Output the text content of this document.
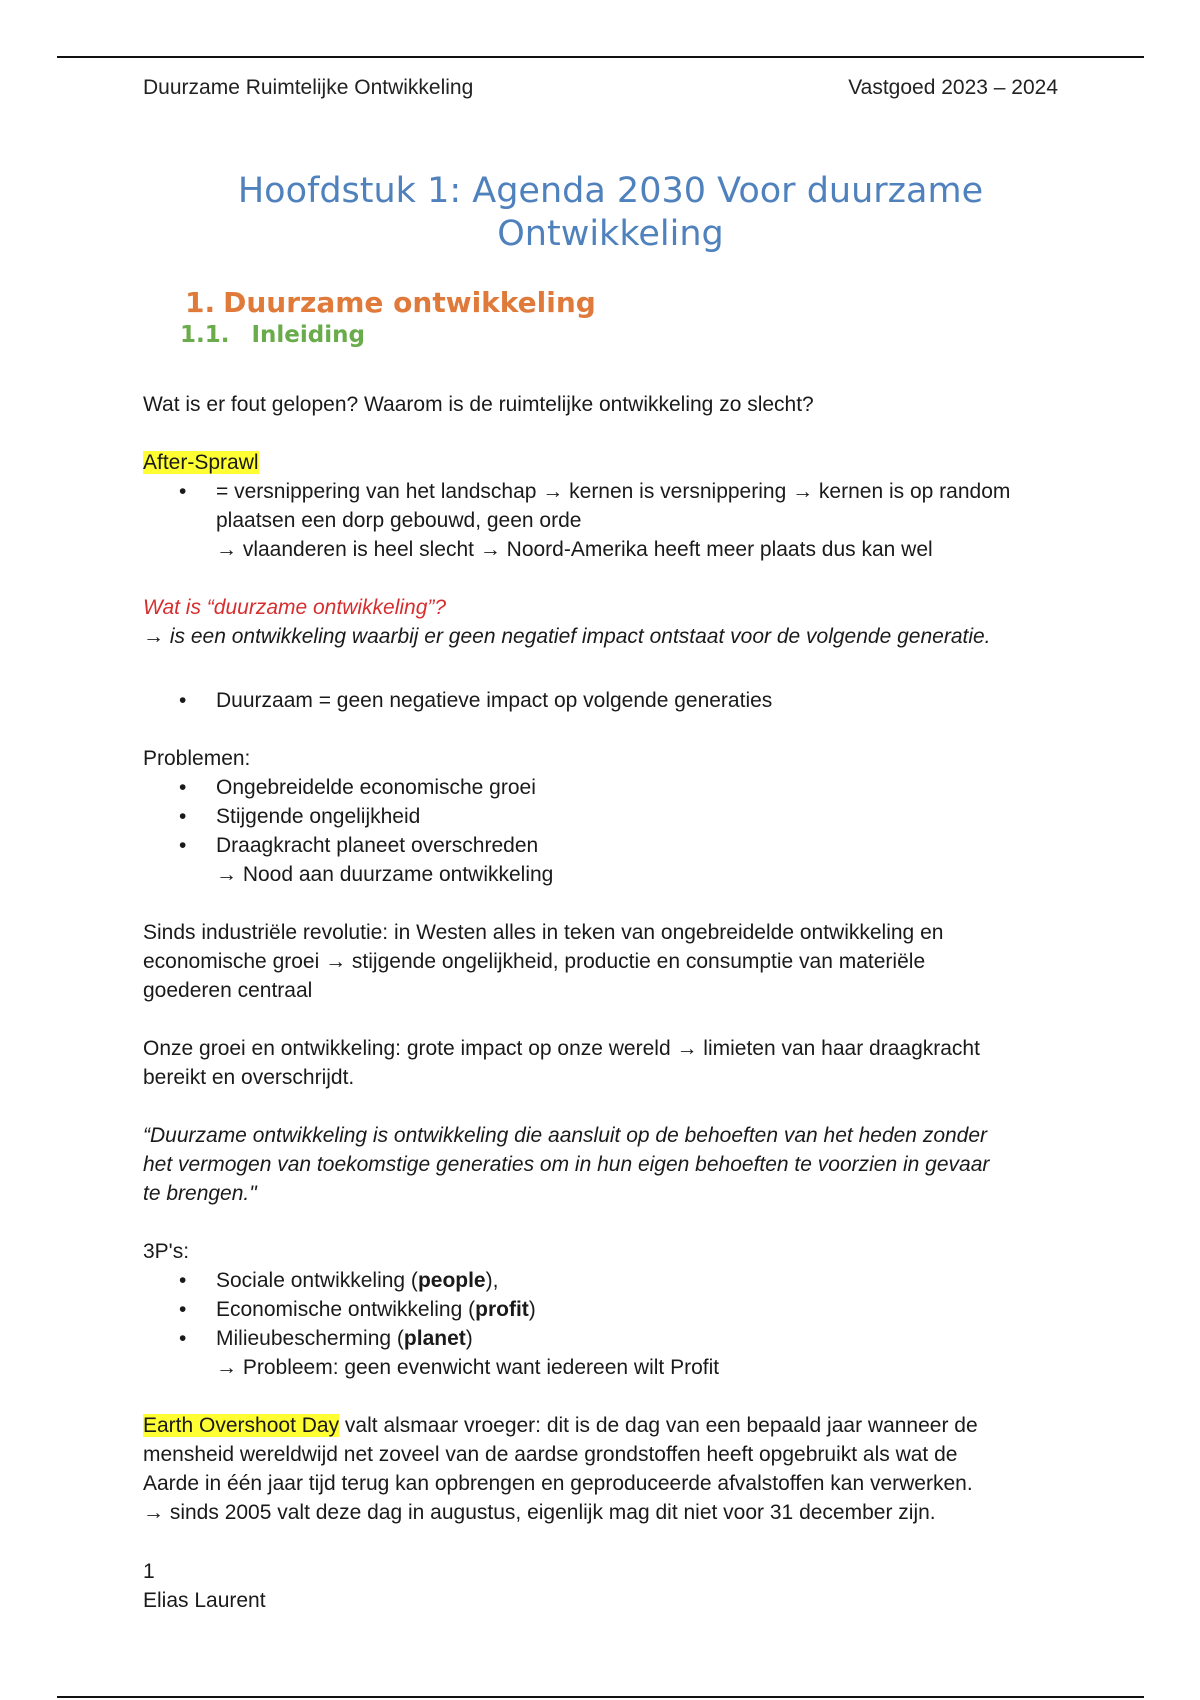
Duurzame Ruimtelijke Ontwikkeling	Vastgoed 2023 – 2024
Hoofdstuk 1: Agenda 2030 Voor duurzame
Ontwikkeling
1. Duurzame ontwikkeling
1.1. Inleiding

Wat is er fout gelopen? Waarom is de ruimtelijke ontwikkeling zo slecht?

After-Sprawl

• = versnippering van het landschap → kernen is versnippering → kernen is op random
plaatsen een dorp gebouwd, geen orde
→ vlaanderen is heel slecht → Noord-Amerika heeft meer plaats dus kan wel

Wat is “duurzame ontwikkeling”?

→ is een ontwikkeling waarbij er geen negatief impact ontstaat voor de volgende generatie.

• Duurzaam = geen negatieve impact op volgende generaties

Problemen:

• Ongebreidelde economische groei
• Stijgende ongelijkheid
• Draagkracht planeet overschreden

→ Nood aan duurzame ontwikkeling

Sinds industriële revolutie: in Westen alles in teken van ongebreidelde ontwikkeling en

economische groei → stijgende ongelijkheid, productie en consumptie van materiële

goederen centraal

Onze groei en ontwikkeling: grote impact op onze wereld → limieten van haar draagkracht

bereikt en overschrijdt.

“Duurzame ontwikkeling is ontwikkeling die aansluit op de behoeften van het heden zonder

het vermogen van toekomstige generaties om in hun eigen behoeften te voorzien in gevaar

te brengen."

3P's:

• Sociale ontwikkeling (people),
• Economische ontwikkeling (profit)
• Milieubescherming (planet)

→ Probleem: geen evenwicht want iedereen wilt Profit

Earth Overshoot Day valt alsmaar vroeger: dit is de dag van een bepaald jaar wanneer de

mensheid wereldwijd net zoveel van de aardse grondstoffen heeft opgebruikt als wat de

Aarde in één jaar tijd terug kan opbrengen en geproduceerde afvalstoffen kan verwerken.

→ sinds 2005 valt deze dag in augustus, eigenlijk mag dit niet voor 31 december zijn.

1

Elias Laurent
